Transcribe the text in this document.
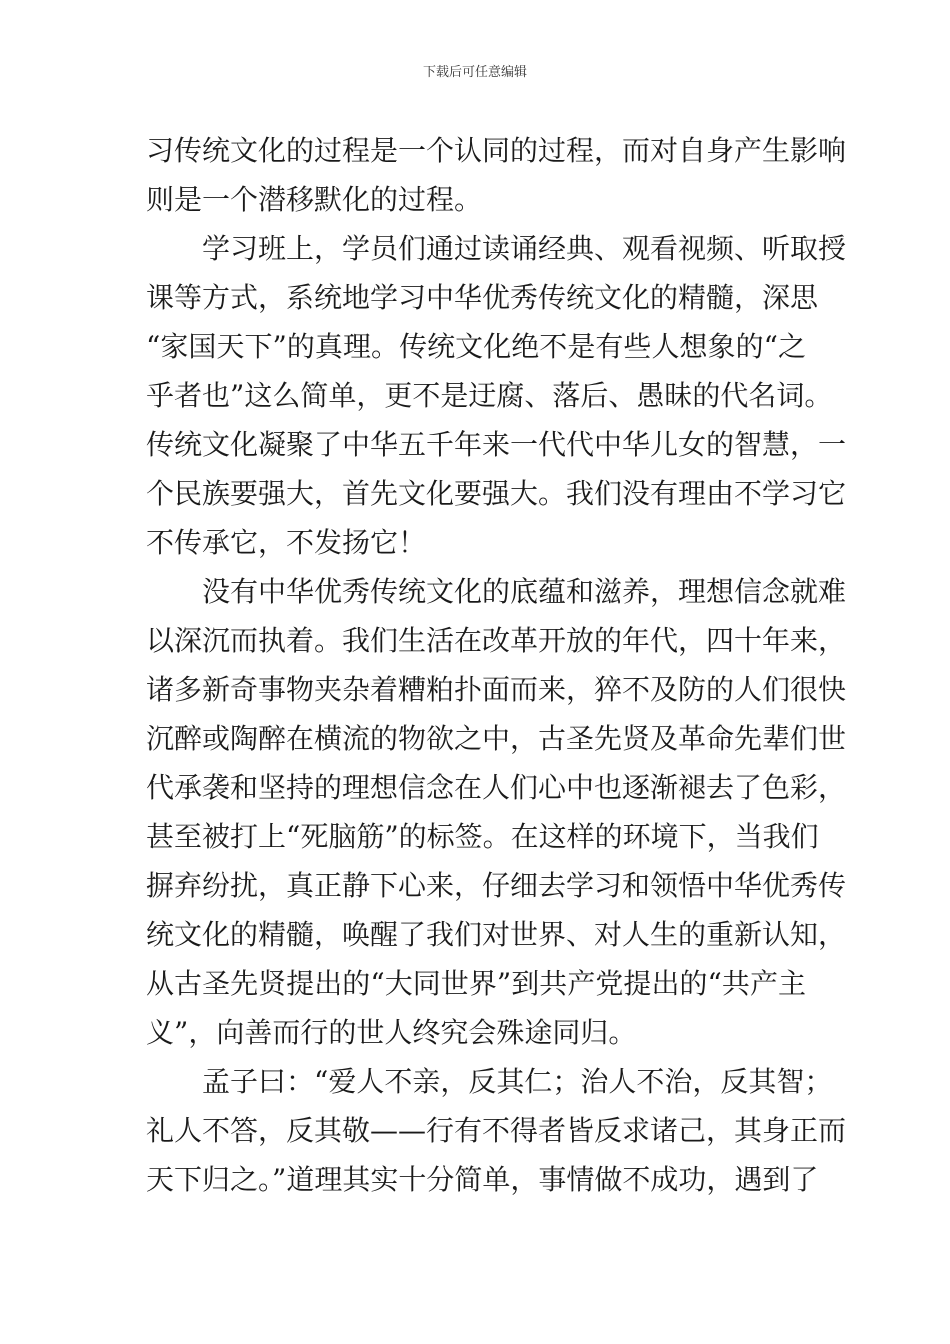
下载后可任意编辑
习传统文化的过程是一个认同的过程，而对自身产生影响
则是一个潜移默化的过程。
学习班上，学员们通过读诵经典、观看视频、听取授
课等方式，系统地学习中华优秀传统文化的精髓，深思
“家国天下”的真理。传统文化绝不是有些人想象的“之
乎者也”这么简单，更不是迂腐、落后、愚昧的代名词。
传统文化凝聚了中华五千年来一代代中华儿女的智慧，一
个民族要强大，首先文化要强大。我们没有理由不学习它
不传承它，不发扬它！
没有中华优秀传统文化的底蕴和滋养，理想信念就难
以深沉而执着。我们生活在改革开放的年代，四十年来，
诸多新奇事物夹杂着糟粕扑面而来，猝不及防的人们很快
沉醉或陶醉在横流的物欲之中，古圣先贤及革命先辈们世
代承袭和坚持的理想信念在人们心中也逐渐褪去了色彩，
甚至被打上“死脑筋”的标签。在这样的环境下，当我们
摒弃纷扰，真正静下心来，仔细去学习和领悟中华优秀传
统文化的精髓，唤醒了我们对世界、对人生的重新认知，
从古圣先贤提出的“大同世界”到共产党提出的“共产主
义”，向善而行的世人终究会殊途同归。
孟子曰：“爱人不亲，反其仁；治人不治，反其智；
礼人不答，反其敬——行有不得者皆反求诸己，其身正而
天下归之。”道理其实十分简单，事情做不成功，遇到了
